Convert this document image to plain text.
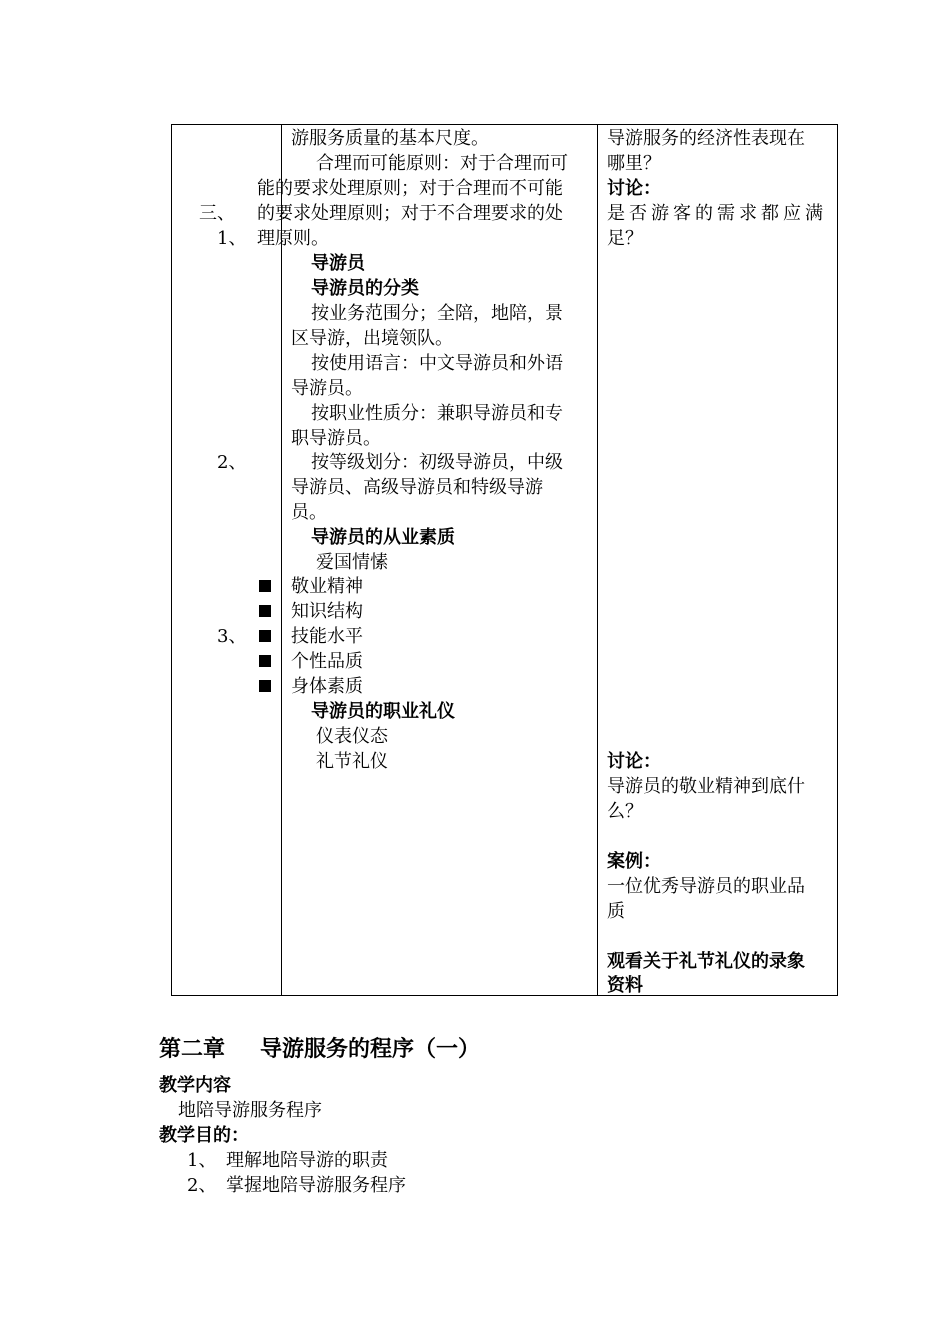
三、
1、
2、
3、
游服务质量的基本尺度。
合理而可能原则：对于合理而可
能的要求处理原则；对于合理而不可能
的要求处理原则；对于不合理要求的处
理原则。
导游员
导游员的分类
按业务范围分；全陪，地陪，景
区导游，出境领队。
按使用语言：中文导游员和外语
导游员。
按职业性质分：兼职导游员和专
职导游员。
按等级划分：初级导游员，中级
导游员、高级导游员和特级导游
员。
导游员的从业素质
爱国情愫
敬业精神
知识结构
技能水平
个性品质
身体素质
导游员的职业礼仪
仪表仪态
礼节礼仪
导游服务的经济性表现在
哪里？
讨论：
是否游客的需求都应满
足？
讨论：
导游员的敬业精神到底什
么？
案例：
一位优秀导游员的职业品
质
观看关于礼节礼仪的录象
资料
第二章 导游服务的程序（一）
教学内容
地陪导游服务程序
教学目的：
1、 理解地陪导游的职责
2、 掌握地陪导游服务程序
